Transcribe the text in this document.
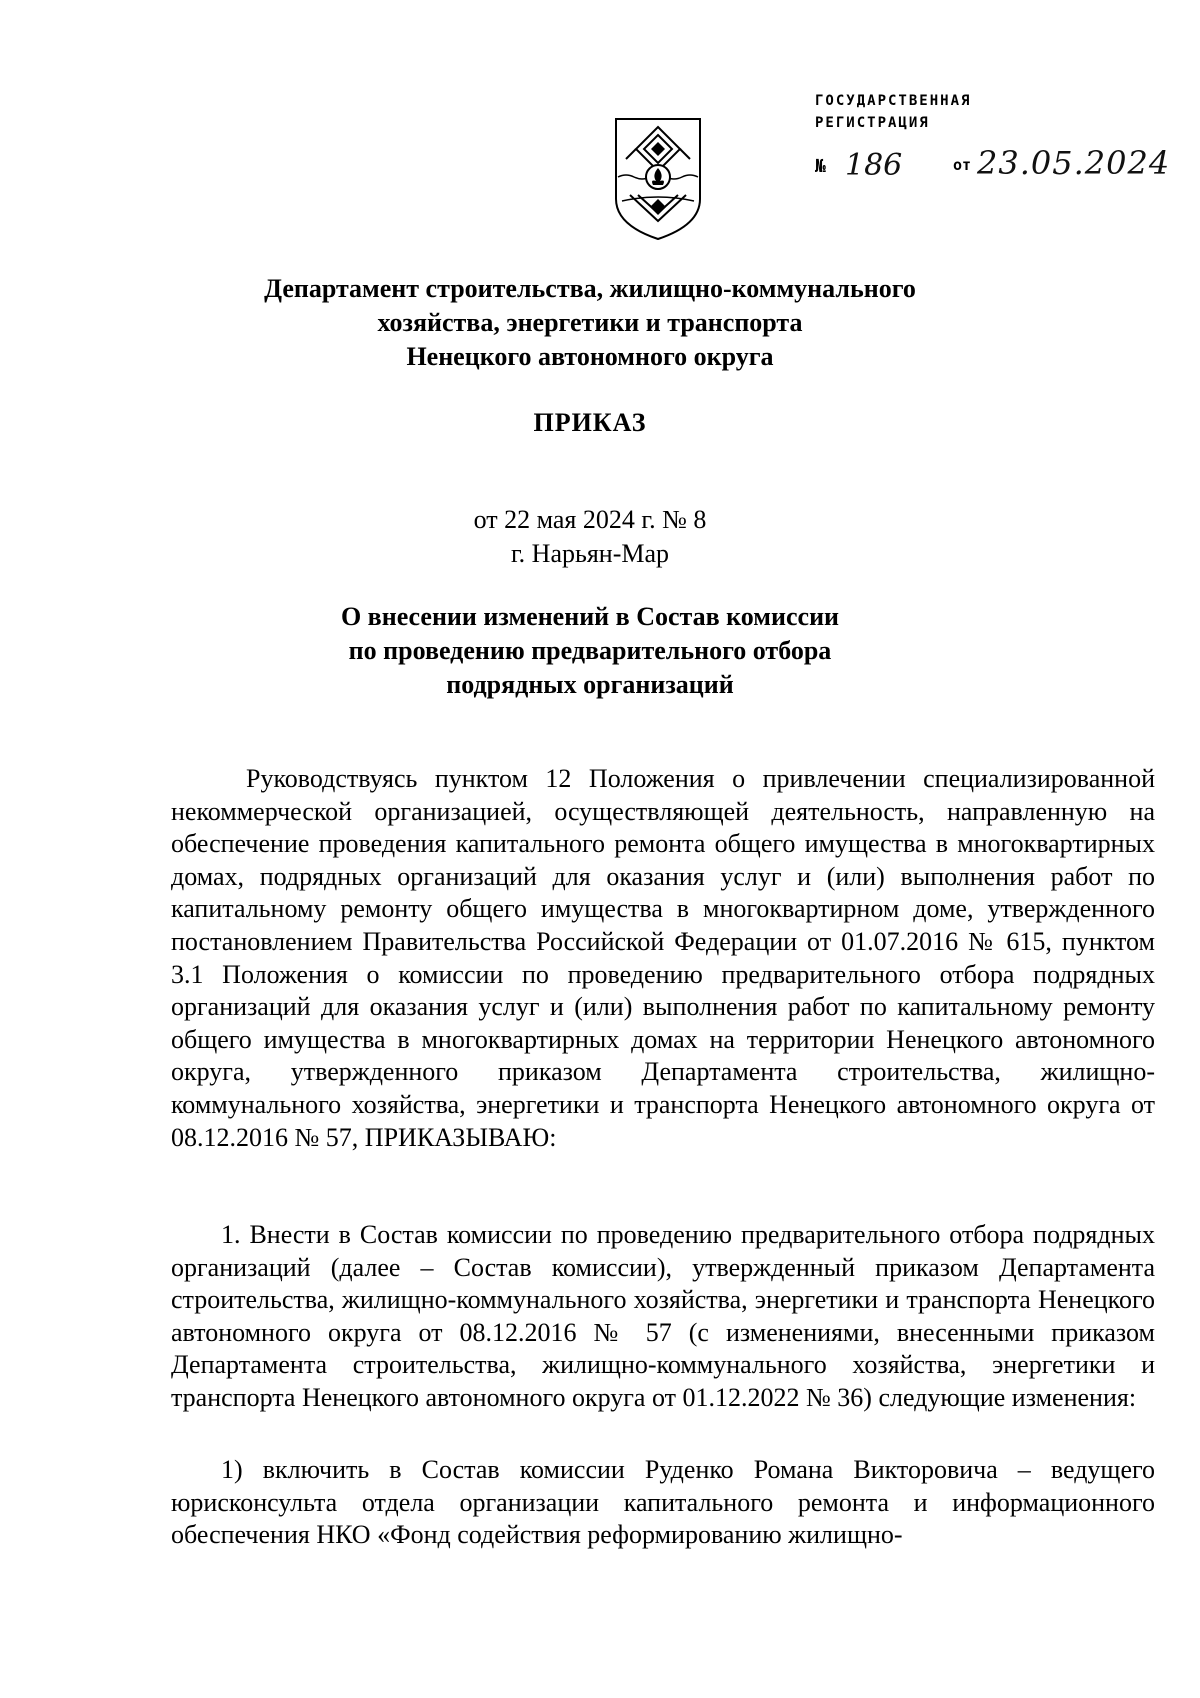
ГОСУДАРСТВЕННАЯ
РЕГИСТРАЦИЯ
№ 186	от 23.05.2024
Департамент строительства, жилищно-коммунального
хозяйства, энергетики и транспорта
Ненецкого автономного округа
ПРИКАЗ
от 22 мая 2024 г. № 8
г. Нарьян-Мар
О внесении изменений в Состав комиссии
по проведению предварительного отбора
подрядных организаций
Руководствуясь пунктом 12 Положения о привлечении специализированной некоммерческой организацией, осуществляющей деятельность, направленную на обеспечение проведения капитального ремонта общего имущества в многоквартирных домах, подрядных организаций для оказания услуг и (или) выполнения работ по капитальному ремонту общего имущества в многоквартирном доме, утвержденного постановлением Правительства Российской Федерации от 01.07.2016 № 615, пунктом 3.1 Положения о комиссии по проведению предварительного отбора подрядных организаций для оказания услуг и (или) выполнения работ по капитальному ремонту общего имущества в многоквартирных домах на территории Ненецкого автономного округа, утвержденного приказом Департамента строительства, жилищно-коммунального хозяйства, энергетики и транспорта Ненецкого автономного округа от 08.12.2016 № 57, ПРИКАЗЫВАЮ:
1. Внести в Состав комиссии по проведению предварительного отбора подрядных организаций (далее – Состав комиссии), утвержденный приказом Департамента строительства, жилищно-коммунального хозяйства, энергетики и транспорта Ненецкого автономного округа от 08.12.2016 № 57 (с изменениями, внесенными приказом Департамента строительства, жилищно-коммунального хозяйства, энергетики и транспорта Ненецкого автономного округа от 01.12.2022 № 36) следующие изменения:
1) включить в Состав комиссии Руденко Романа Викторовича – ведущего юрисконсульта отдела организации капитального ремонта и информационного обеспечения НКО «Фонд содействия реформированию жилищно-
